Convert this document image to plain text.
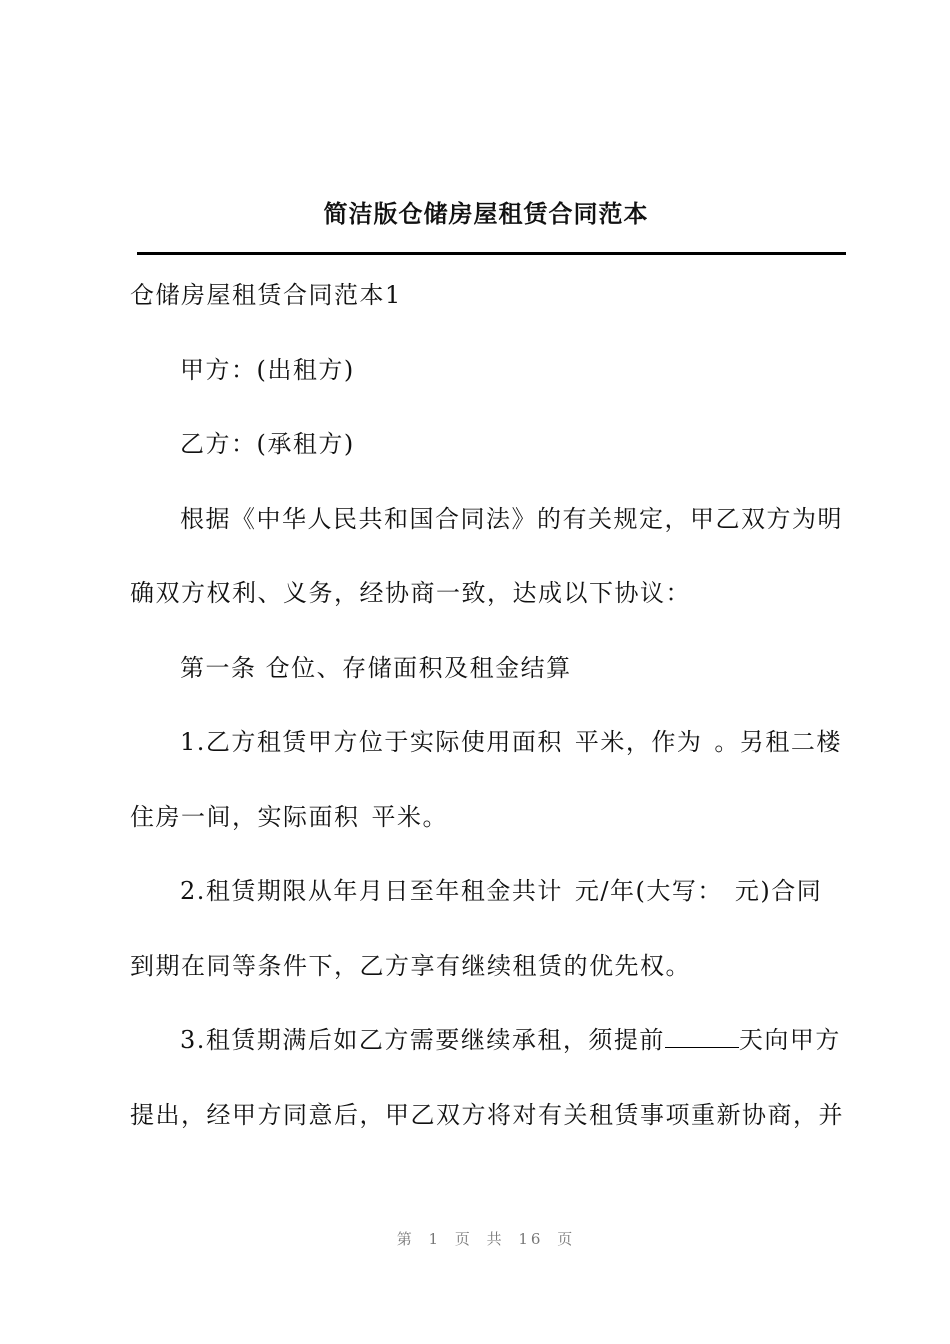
简洁版仓储房屋租赁合同范本

仓储房屋租赁合同范本1

甲方：(出租方)

乙方：(承租方)

根据《中华人民共和国合同法》的有关规定，甲乙双方为明

确双方权利、义务，经协商一致，达成以下协议：

第一条 仓位、存储面积及租金结算

1.乙方租赁甲方位于实际使用面积 平米，作为 。另租二楼

住房一间，实际面积 平米。

2.租赁期限从年月日至年租金共计 元/年(大写： 元)合同

到期在同等条件下，乙方享有继续租赁的优先权。

3.租赁期满后如乙方需要继续承租，须提前	天向甲方

提出，经甲方同意后，甲乙双方将对有关租赁事项重新协商，并

第 1 页 共 16 页
